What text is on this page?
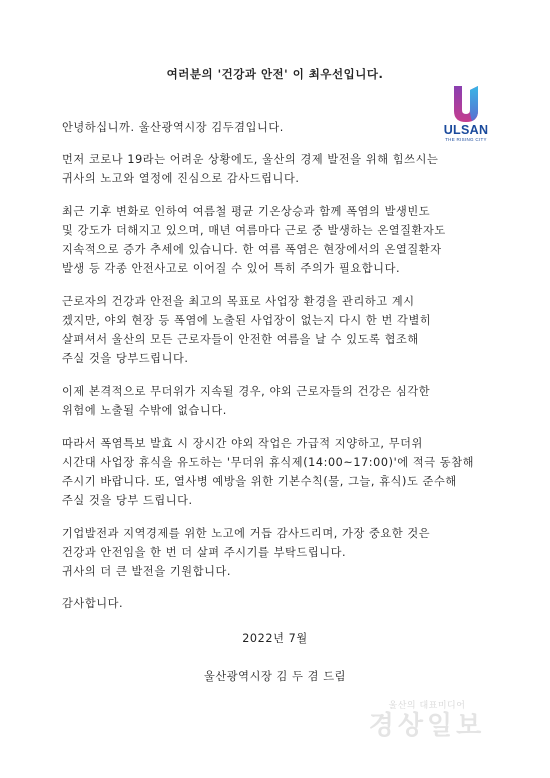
여러분의 '건강과 안전' 이 최우선입니다.
ULSAN
THE RISING CITY
안녕하십니까. 울산광역시장 김두겸입니다.
먼저 코로나 19라는 어려운 상황에도, 울산의 경제 발전을 위해 힘쓰시는
귀사의 노고와 열정에 진심으로 감사드립니다.
최근 기후 변화로 인하여 여름철 평균 기온상승과 함께 폭염의 발생빈도
및 강도가 더해지고 있으며, 매년 여름마다 근로 중 발생하는 온열질환자도
지속적으로 증가 추세에 있습니다. 한 여름 폭염은 현장에서의 온열질환자
발생 등 각종 안전사고로 이어질 수 있어 특히 주의가 필요합니다.
근로자의 건강과 안전을 최고의 목표로 사업장 환경을 관리하고 계시
겠지만, 야외 현장 등 폭염에 노출된 사업장이 없는지 다시 한 번 각별히
살펴셔서 울산의 모든 근로자들이 안전한 여름을 날 수 있도록 협조해
주실 것을 당부드립니다.
이제 본격적으로 무더위가 지속될 경우, 야외 근로자들의 건강은 심각한
위험에 노출될 수밖에 없습니다.
따라서 폭염특보 발효 시 장시간 야외 작업은 가급적 지양하고, 무더위
시간대 사업장 휴식을 유도하는 '무더위 휴식제(14:00~17:00)'에 적극 동참해
주시기 바랍니다. 또, 열사병 예방을 위한 기본수칙(물, 그늘, 휴식)도 준수해
주실 것을 당부 드립니다.
기업발전과 지역경제를 위한 노고에 거듭 감사드리며, 가장 중요한 것은
건강과 안전임을 한 번 더 살펴 주시기를 부탁드립니다.
귀사의 더 큰 발전을 기원합니다.
감사합니다.
2022년 7월
울산광역시장 김 두 겸 드림
울산의 대표미디어
경상일보
